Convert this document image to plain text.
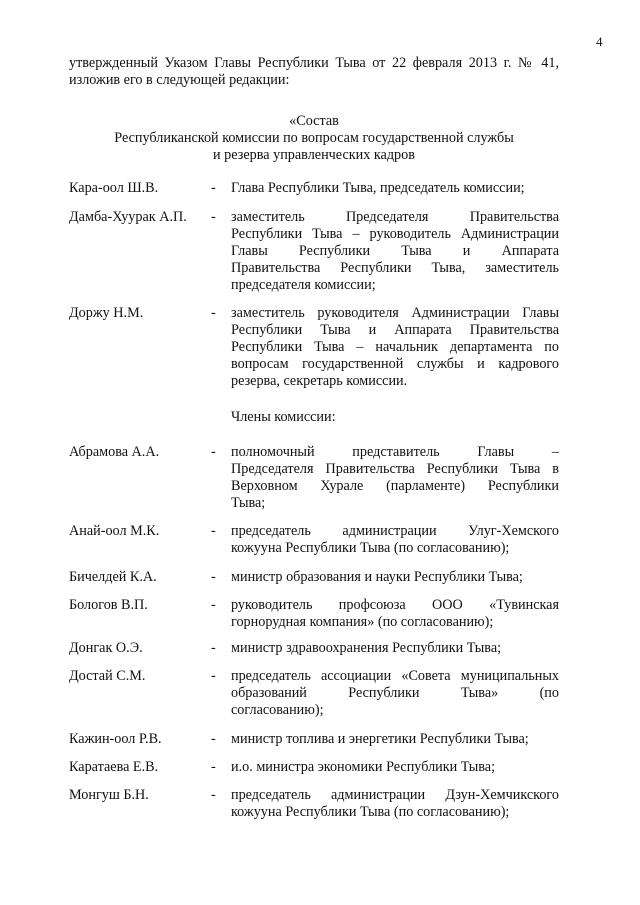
4
утвержденный Указом Главы Республики Тыва от 22 февраля 2013 г. № 41,
изложив его в следующей редакции:
«Состав
Республиканской комиссии по вопросам государственной службы
и резерва управленческих кадров
Кара-оол Ш.В.	- Глава Республики Тыва, председатель комиссии;
Дамба-Хуурак А.П. - заместитель Председателя Правительства
Республики Тыва – руководитель Администрации
Главы Республики Тыва и Аппарата
Правительства Республики Тыва, заместитель
председателя комиссии;
Доржу Н.М.	- заместитель руководителя Администрации Главы
Республики Тыва и Аппарата Правительства
Республики Тыва – начальник департамента по
вопросам государственной службы и кадрового
резерва, секретарь комиссии.
Члены комиссии:
Абрамова А.А.	- полномочный представитель Главы –
Председателя Правительства Республики Тыва в
Верховном Хурале (парламенте) Республики
Тыва;
Анай-оол М.К.	- председатель администрации Улуг-Хемского
кожууна Республики Тыва (по согласованию);
Бичелдей К.А.	- министр образования и науки Республики Тыва;
Бологов В.П.	- руководитель профсоюза ООО «Тувинская
горнорудная компания» (по согласованию);
Донгак О.Э.	- министр здравоохранения Республики Тыва;
Достай С.М.	- председатель ассоциации «Совета муниципальных
образований Республики Тыва» (по
согласованию);
Кажин-оол Р.В.	- министр топлива и энергетики Республики Тыва;
Каратаева Е.В.	- и.о. министра экономики Республики Тыва;
Монгуш Б.Н.	- председатель администрации Дзун-Хемчикского
кожууна Республики Тыва (по согласованию);
